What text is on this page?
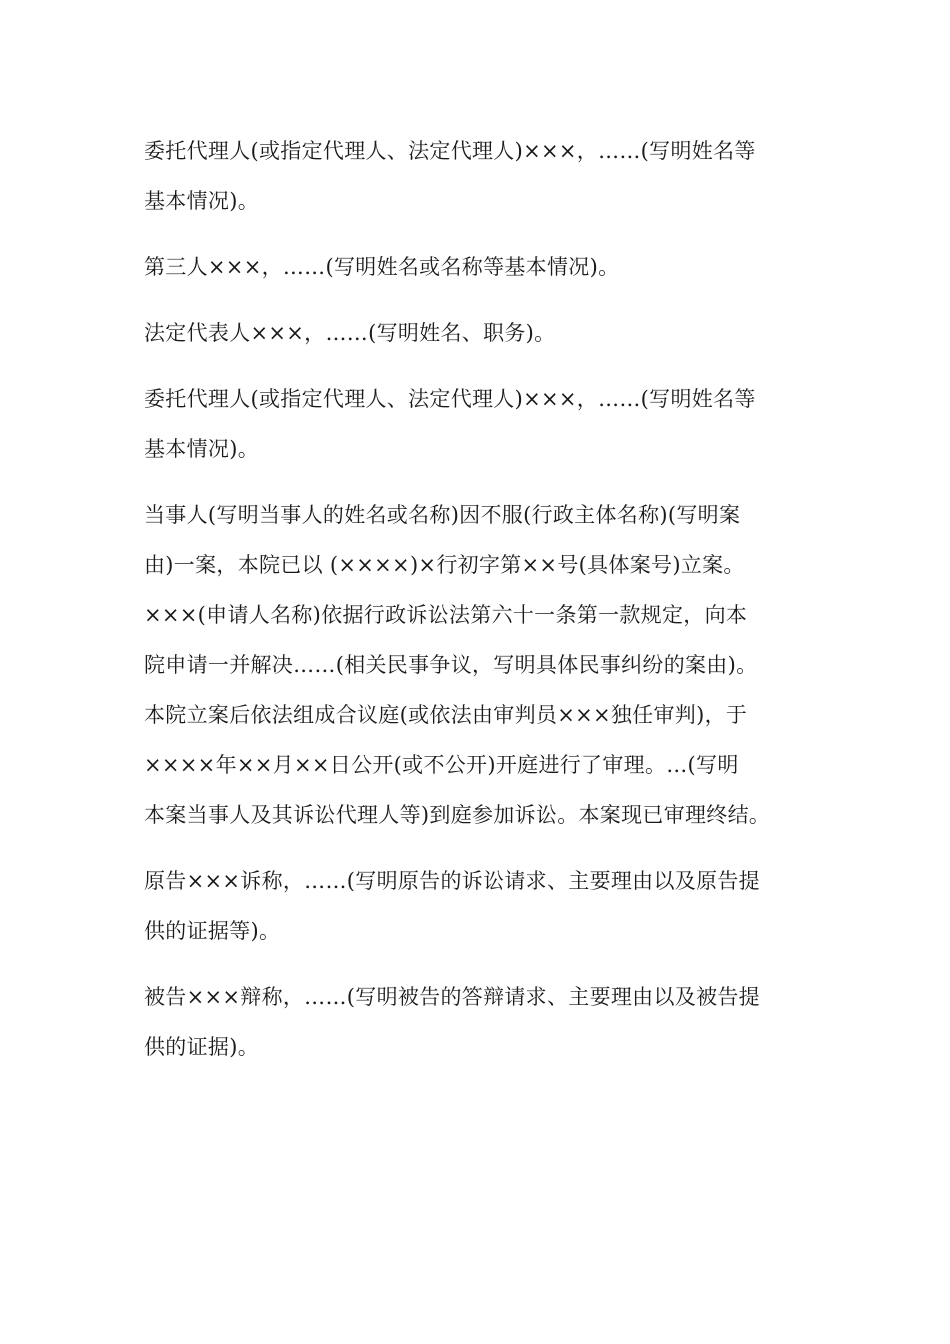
委托代理人(或指定代理人、法定代理人)×××，……(写明姓名等
基本情况)。

第三人×××，……(写明姓名或名称等基本情况)。

法定代表人×××，……(写明姓名、职务)。

委托代理人(或指定代理人、法定代理人)×××，……(写明姓名等
基本情况)。

当事人(写明当事人的姓名或名称)因不服(行政主体名称)(写明案
由)一案，本院已以 (××××)×行初字第××号(具体案号)立案。
×××(申请人名称)依据行政诉讼法第六十一条第一款规定，向本
院申请一并解决……(相关民事争议，写明具体民事纠纷的案由)。
本院立案后依法组成合议庭(或依法由审判员×××独任审判)，于
××××年××月××日公开(或不公开)开庭进行了审理。…(写明
本案当事人及其诉讼代理人等)到庭参加诉讼。本案现已审理终结。

原告×××诉称，……(写明原告的诉讼请求、主要理由以及原告提
供的证据等)。

被告×××辩称，……(写明被告的答辩请求、主要理由以及被告提
供的证据)。
